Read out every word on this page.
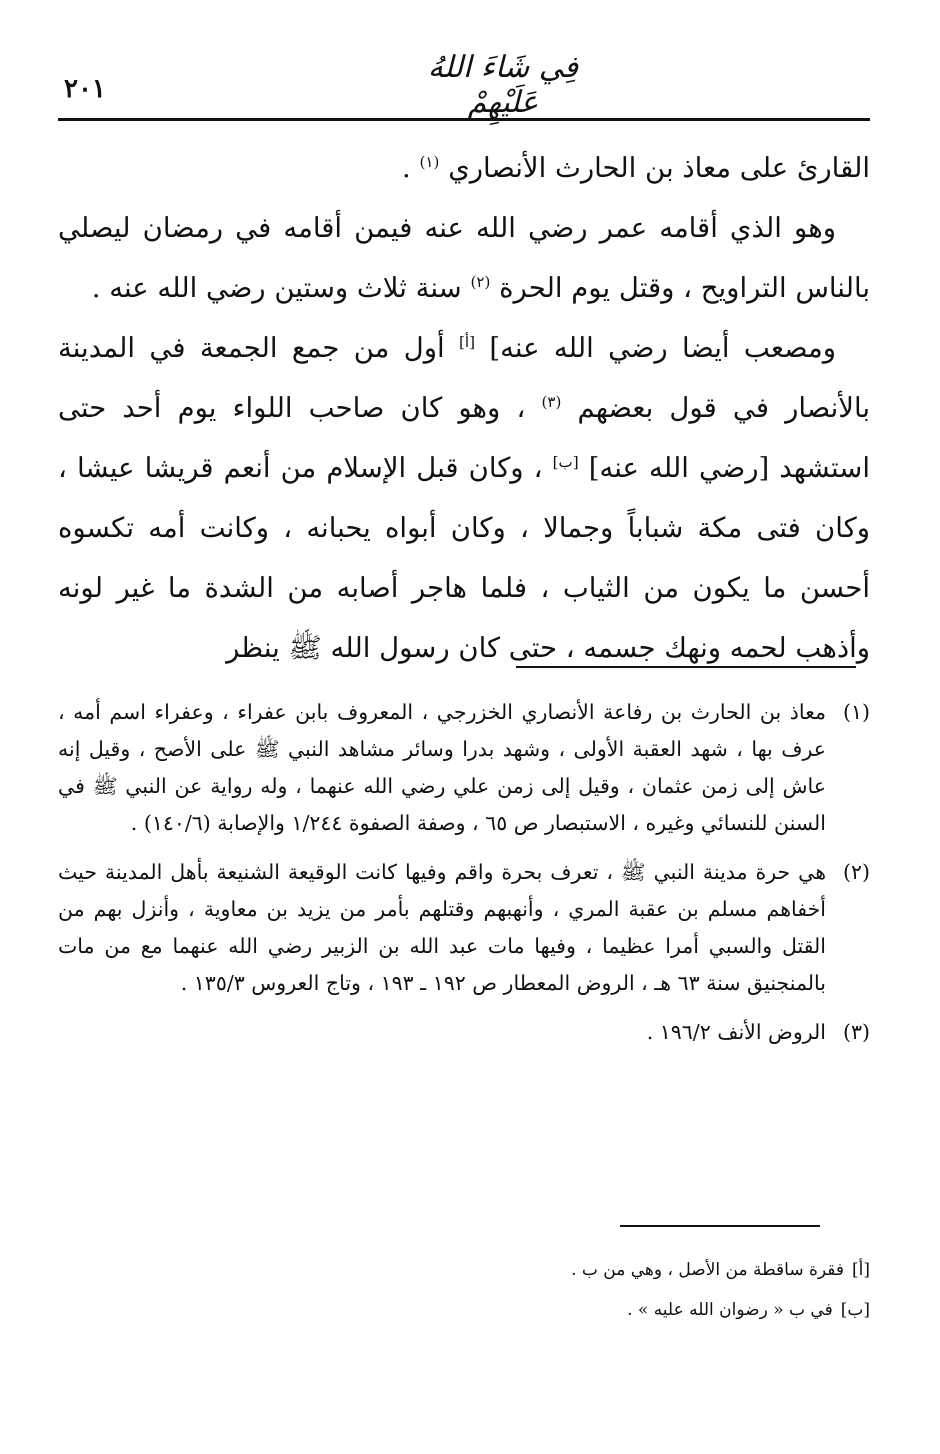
٢٠١
فِي شَاءَ اللهُ عَلَيْهِمْ

القارئ على معاذ بن الحارث الأنصاري $^{(١)}$ .

وهو الذي أقامه عمر رضي الله عنه فيمن أقامه في رمضان ليصلي بالناس التراويح ، وقتل يوم الحرة $^{(٢)}$ سنة ثلاث وستين رضي الله عنه .

ومصعب أيضا رضي الله عنه] [أ] أول من جمع الجمعة في المدينة بالأنصار في قول بعضهم $^{(٣)}$ ، وهو كان صاحب اللواء يوم أحد حتى استشهد [رضي الله عنه] [ب] ، وكان قبل الإسلام من أنعم قريشا عيشا ، وكان فتى مكة شباباً وجمالا ، وكان أبواه يحبانه ، وكانت أمه تكسوه أحسن ما يكون من الثياب ، فلما هاجر أصابه من الشدة ما غير لونه وأذهب لحمه ونهك جسمه ، حتى كان رسول الله ﷺ ينظر

(١)معاذ بن الحارث بن رفاعة الأنصاري الخزرجي ، المعروف بابن عفراء ، وعفراء اسم أمه ، عرف بها ، شهد العقبة الأولى ، وشهد بدرا وسائر مشاهد النبي ﷺ على الأصح ، وقيل إنه عاش إلى زمن عثمان ، وقيل إلى زمن علي رضي الله عنهما ، وله رواية عن النبي ﷺ في السنن للنسائي وغيره ، الاستبصار ص ٦٥ ، وصفة الصفوة ١/٢٤٤ والإصابة (١٤٠/٦) .

(٢)هي حرة مدينة النبي ﷺ ، تعرف بحرة واقم وفيها كانت الوقيعة الشنيعة بأهل المدينة حيث أخفاهم مسلم بن عقبة المري ، وأنهبهم وقتلهم بأمر من يزيد بن معاوية ، وأنزل بهم من القتل والسبي أمرا عظيما ، وفيها مات عبد الله بن الزبير رضي الله عنهما مع من مات بالمنجنيق سنة ٦٣ هـ ، الروض المعطار ص ١٩٢ ـ ١٩٣ ، وتاج العروس ١٣٥/٣ .

(٣)الروض الأنف ١٩٦/٢ .

[أ]فقرة ساقطة من الأصل ، وهي من ب .

[ب]في ب « رضوان الله عليه » .
